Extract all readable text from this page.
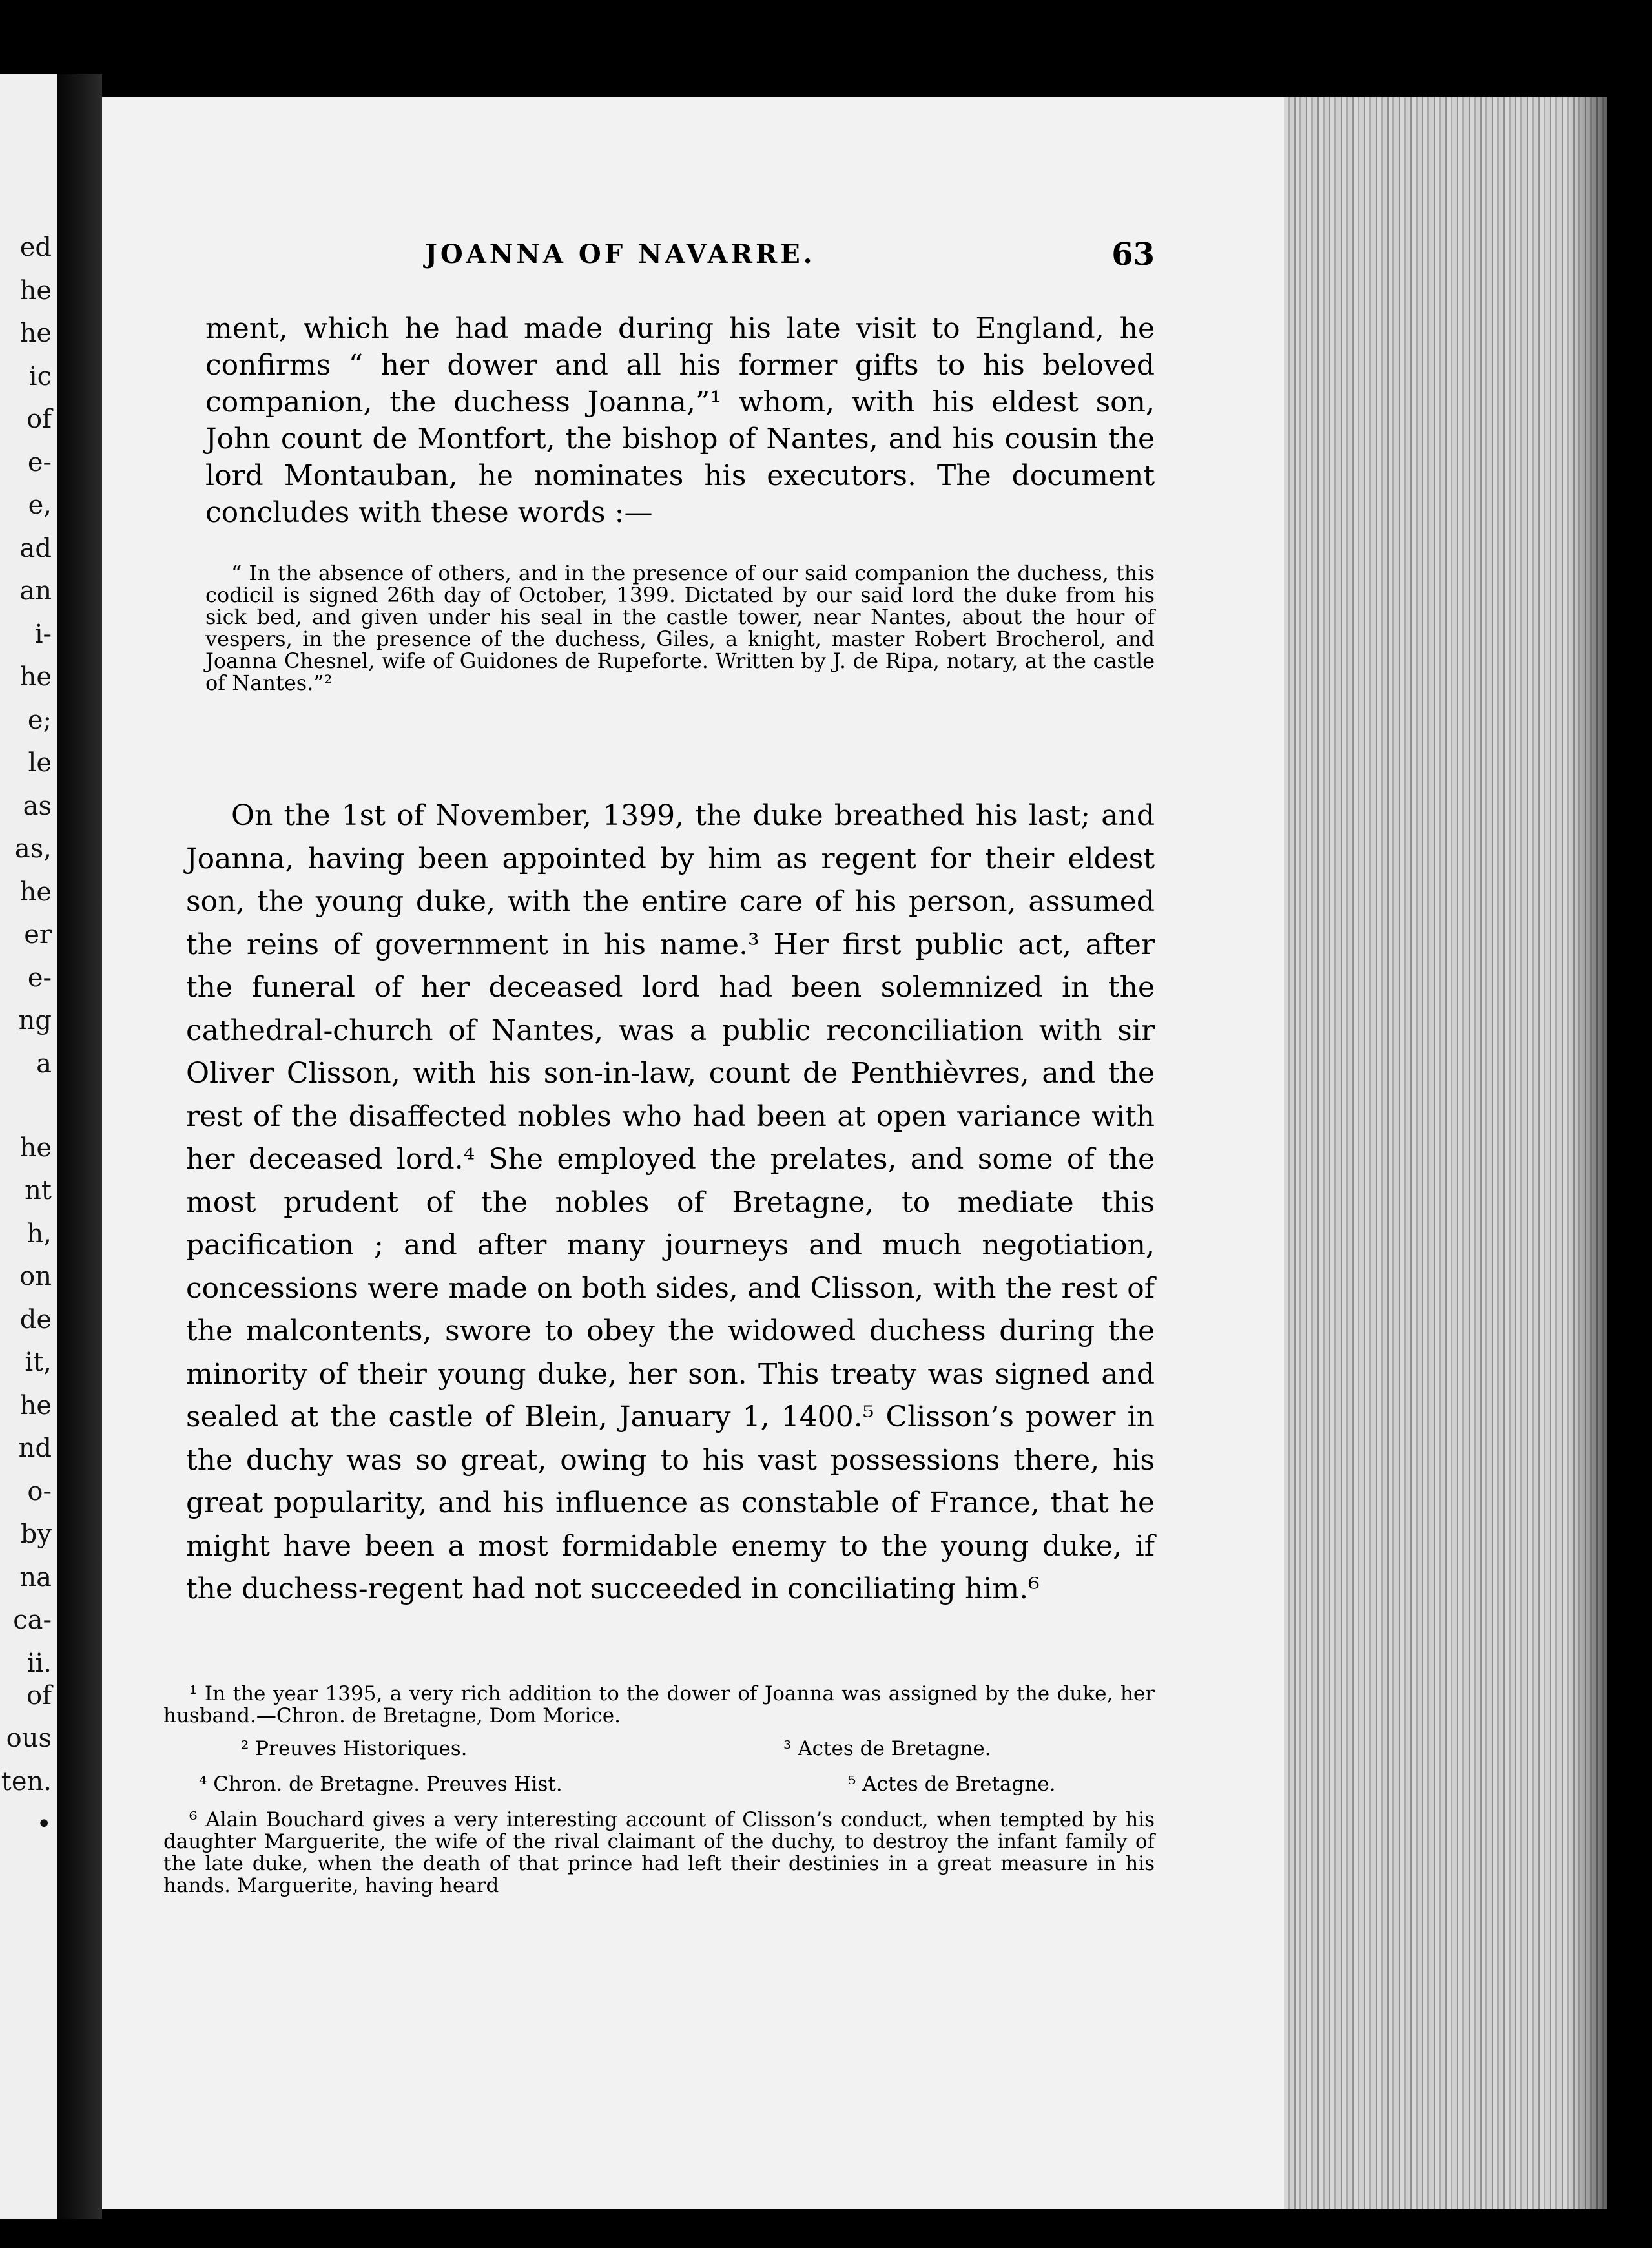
ed
he
he
ic
of
e-
e,
ad
an
i-
he
e;
le
as
as,
he
er
e-
ng
a
he
nt
h,
on
de
it,
he
nd
o-
by
na
ca-
ii.
of
ous
ten.
•
JOANNA OF NAVARRE.	63

ment, which he had made during his late visit to England, he confirms “ her dower and all his former gifts to his beloved companion, the duchess Joanna,”¹ whom, with his eldest son, John count de Montfort, the bishop of Nantes, and his cousin the lord Montauban, he nominates his executors. The document concludes with these words :—

“ In the absence of others, and in the presence of our said companion the duchess, this codicil is signed 26th day of October, 1399. Dictated by our said lord the duke from his sick bed, and given under his seal in the castle tower, near Nantes, about the hour of vespers, in the presence of the duchess, Giles, a knight, master Robert Brocherol, and Joanna Chesnel, wife of Guidones de Rupeforte. Written by J. de Ripa, notary, at the castle of Nantes.”²

On the 1st of November, 1399, the duke breathed his last; and Joanna, having been appointed by him as regent for their eldest son, the young duke, with the entire care of his person, assumed the reins of government in his name.³ Her first public act, after the funeral of her deceased lord had been solemnized in the cathedral-church of Nantes, was a public reconciliation with sir Oliver Clisson, with his son-in-law, count de Penthièvres, and the rest of the disaffected nobles who had been at open variance with her deceased lord.⁴ She employed the prelates, and some of the most prudent of the nobles of Bretagne, to mediate this pacification ; and after many journeys and much negotiation, concessions were made on both sides, and Clisson, with the rest of the malcontents, swore to obey the widowed duchess during the minority of their young duke, her son. This treaty was signed and sealed at the castle of Blein, January 1, 1400.⁵ Clisson’s power in the duchy was so great, owing to his vast possessions there, his great popularity, and his influence as constable of France, that he might have been a most formidable enemy to the young duke, if the duchess-regent had not succeeded in conciliating him.⁶

¹ In the year 1395, a very rich addition to the dower of Joanna was assigned by the duke, her husband.—Chron. de Bretagne, Dom Morice.

² Preuves Historiques.	³ Actes de Bretagne.
⁴ Chron. de Bretagne. Preuves Hist.	⁵ Actes de Bretagne.

⁶ Alain Bouchard gives a very interesting account of Clisson’s conduct, when tempted by his daughter Marguerite, the wife of the rival claimant of the duchy, to destroy the infant family of the late duke, when the death of that prince had left their destinies in a great measure in his hands. Marguerite, having heard
